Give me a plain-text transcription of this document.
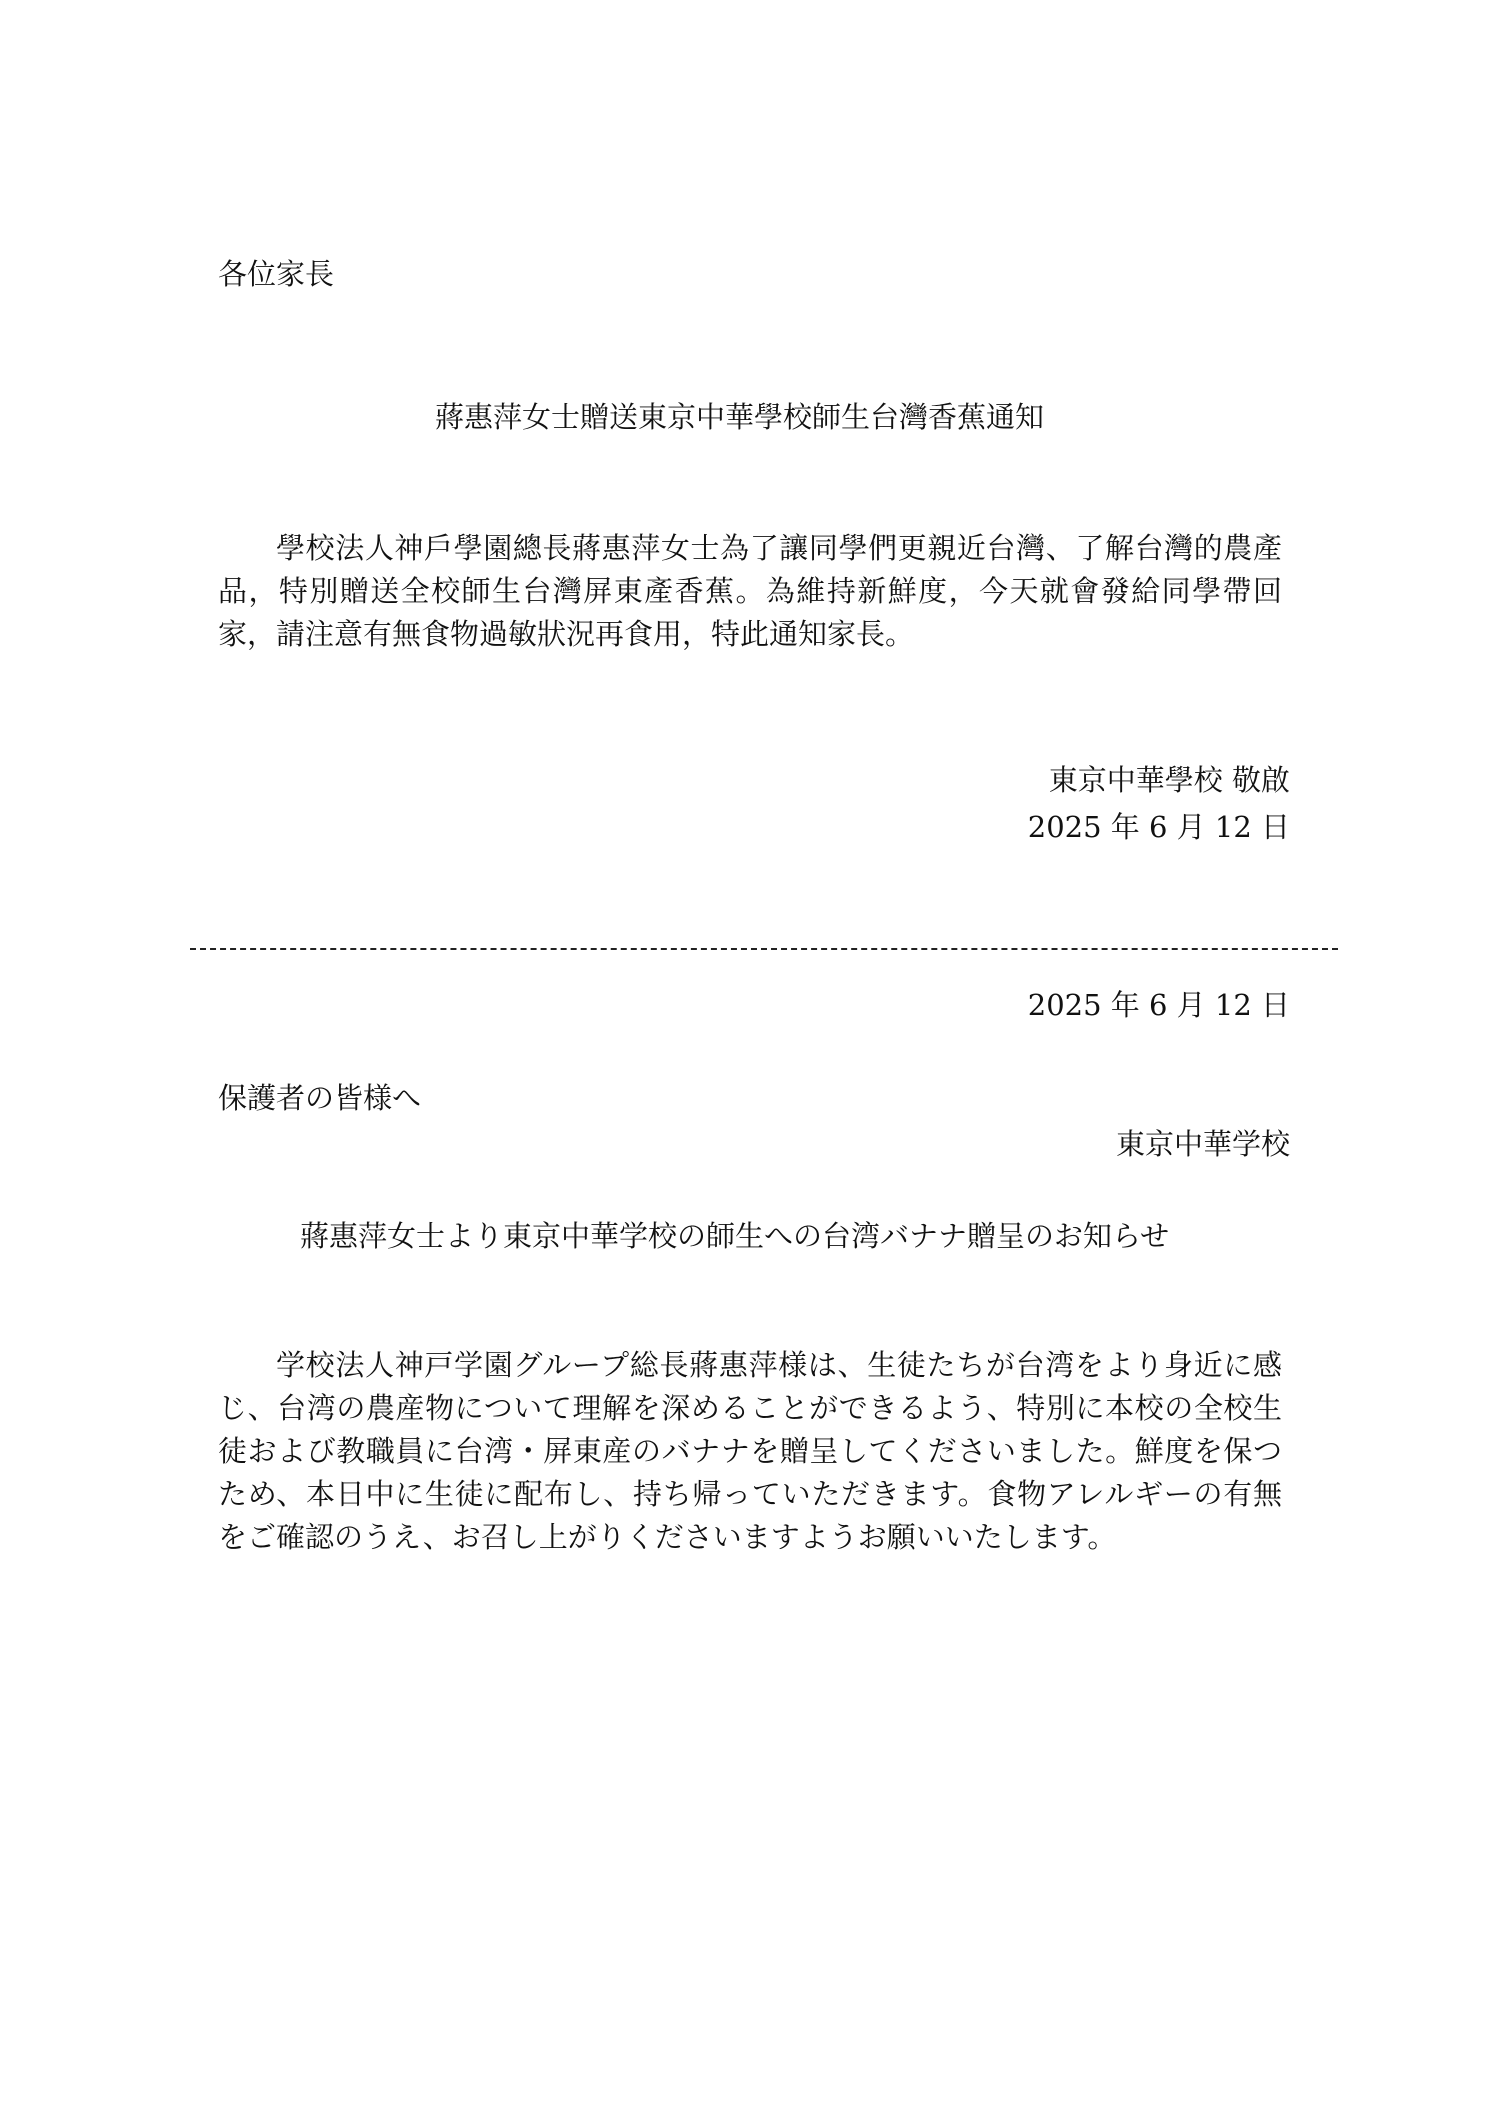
各位家長
蔣惠萍女士贈送東京中華學校師生台灣香蕉通知
學校法人神戶學園總長蔣惠萍女士為了讓同學們更親近台灣、了解台灣的農產品，特別贈送全校師生台灣屏東產香蕉。為維持新鮮度，今天就會發給同學帶回家，請注意有無食物過敏狀況再食用，特此通知家長。
東京中華學校 敬啟
2025 年 6 月 12 日
2025 年 6 月 12 日
保護者の皆様へ
東京中華学校
蔣惠萍女士より東京中華学校の師生への台湾バナナ贈呈のお知らせ
学校法人神戸学園グループ総長蔣惠萍様は、生徒たちが台湾をより身近に感じ、台湾の農産物について理解を深めることができるよう、特別に本校の全校生徒および教職員に台湾・屏東産のバナナを贈呈してくださいました。鮮度を保つため、本日中に生徒に配布し、持ち帰っていただきます。食物アレルギーの有無をご確認のうえ、お召し上がりくださいますようお願いいたします。
